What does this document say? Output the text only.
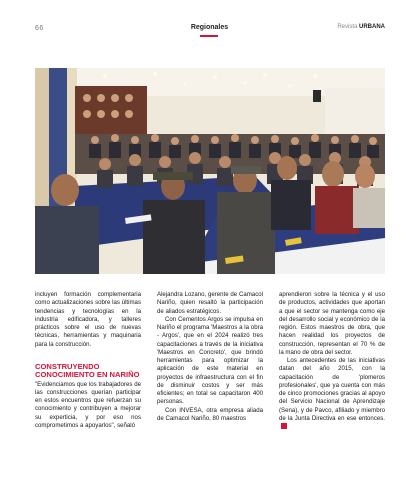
66	Regionales	Revista URBANA

incluyen formación complementaria como actualizaciones sobre las últimas tendencias y tecnologías en la industria edificadora, y talleres prácticos sobre el uso de nuevas técnicas, herramientas y maquinaria para la construcción.

CONSTRUYENDO CONOCIMIENTO EN NARIÑO

"Evidenciamos que los trabajadores de las construcciones querían participar en estos encuentros que refuerzan su conocimiento y contribuyen a mejorar su experticia, y por eso nos comprometimos a apoyarlos", señaló

Alejandra Lozano, gerente de Camacol Nariño, quien resaltó la participación de aliados estratégicos.

Con Cementos Argos se impulsa en Nariño el programa 'Maestros a la obra - Argos', que en el 2024 realizó tres capacitaciones a través de la iniciativa 'Maestros en Concreto', que brindó herramientas para optimizar la aplicación de este material en proyectos de infraestructura con el fin de disminuir costos y ser más eficientes; en total se capacitaron 400 personas.

Con INVESA, otra empresa aliada de Camacol Nariño, 80 maestros

aprendieron sobre la técnica y el uso de productos, actividades que aportan a que el sector se mantenga como eje del desarrollo social y económico de la región. Estos maestros de obra, que hacen realidad los proyectos de construcción, representan el 70 % de la mano de obra del sector.

Los antecedentes de las iniciativas datan del año 2015, con la capacitación de 'plomeros profesionales', que ya cuenta con más de cinco promociones gracias al apoyo del Servicio Nacional de Aprendizaje (Sena), y de Pavco, afiliado y miembro de la Junta Directiva en ese entonces.
